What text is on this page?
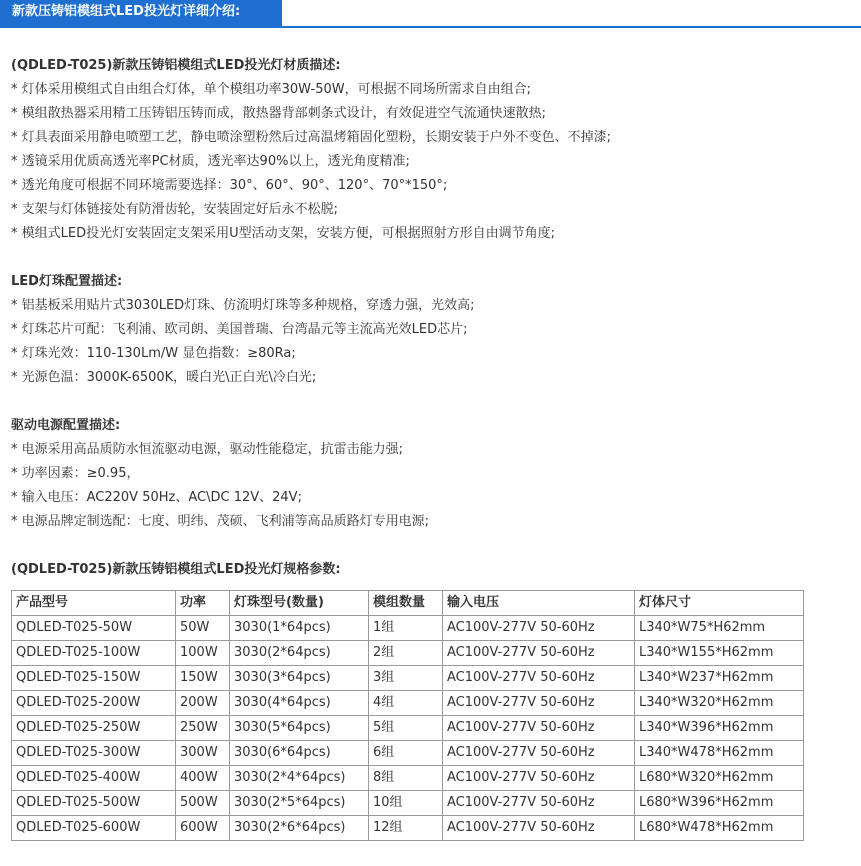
新款压铸铝模组式LED投光灯详细介绍:
(QDLED-T025)新款压铸铝模组式LED投光灯材质描述:
* 灯体采用模组式自由组合灯体，单个模组功率30W-50W，可根据不同场所需求自由组合;
* 模组散热器采用精工压铸铝压铸而成，散热器背部刺条式设计，有效促进空气流通快速散热;
* 灯具表面采用静电喷塑工艺，静电喷涂塑粉然后过高温烤箱固化塑粉，长期安装于户外不变色、不掉漆;
* 透镜采用优质高透光率PC材质，透光率达90%以上，透光角度精准;
* 透光角度可根据不同环境需要选择：30°、60°、90°、120°、70°*150°;
* 支架与灯体链接处有防滑齿轮，安装固定好后永不松脱;
* 模组式LED投光灯安装固定支架采用U型活动支架，安装方便，可根据照射方形自由调节角度;
LED灯珠配置描述:
* 铝基板采用贴片式3030LED灯珠、仿流明灯珠等多种规格，穿透力强，光效高;
* 灯珠芯片可配：飞利浦、欧司朗、美国普瑞、台湾晶元等主流高光效LED芯片;
* 灯珠光效：110-130Lm/W 显色指数：≥80Ra;
* 光源色温：3000K-6500K，暖白光\正白光\冷白光;
驱动电源配置描述:
* 电源采用高品质防水恒流驱动电源，驱动性能稳定，抗雷击能力强;
* 功率因素：≥0.95，
* 输入电压：AC220V 50Hz、AC\DC 12V、24V;
* 电源品牌定制选配：七度、明纬、茂硕、飞利浦等高品质路灯专用电源;
(QDLED-T025)新款压铸铝模组式LED投光灯规格参数:
产品型号	功率	灯珠型号(数量)	模组数量	输入电压	灯体尺寸
QDLED-T025-50W	50W	3030(1*64pcs)	1组	AC100V-277V 50-60Hz	L340*W75*H62mm
QDLED-T025-100W	100W	3030(2*64pcs)	2组	AC100V-277V 50-60Hz	L340*W155*H62mm
QDLED-T025-150W	150W	3030(3*64pcs)	3组	AC100V-277V 50-60Hz	L340*W237*H62mm
QDLED-T025-200W	200W	3030(4*64pcs)	4组	AC100V-277V 50-60Hz	L340*W320*H62mm
QDLED-T025-250W	250W	3030(5*64pcs)	5组	AC100V-277V 50-60Hz	L340*W396*H62mm
QDLED-T025-300W	300W	3030(6*64pcs)	6组	AC100V-277V 50-60Hz	L340*W478*H62mm
QDLED-T025-400W	400W	3030(2*4*64pcs)	8组	AC100V-277V 50-60Hz	L680*W320*H62mm
QDLED-T025-500W	500W	3030(2*5*64pcs)	10组	AC100V-277V 50-60Hz	L680*W396*H62mm
QDLED-T025-600W	600W	3030(2*6*64pcs)	12组	AC100V-277V 50-60Hz	L680*W478*H62mm
